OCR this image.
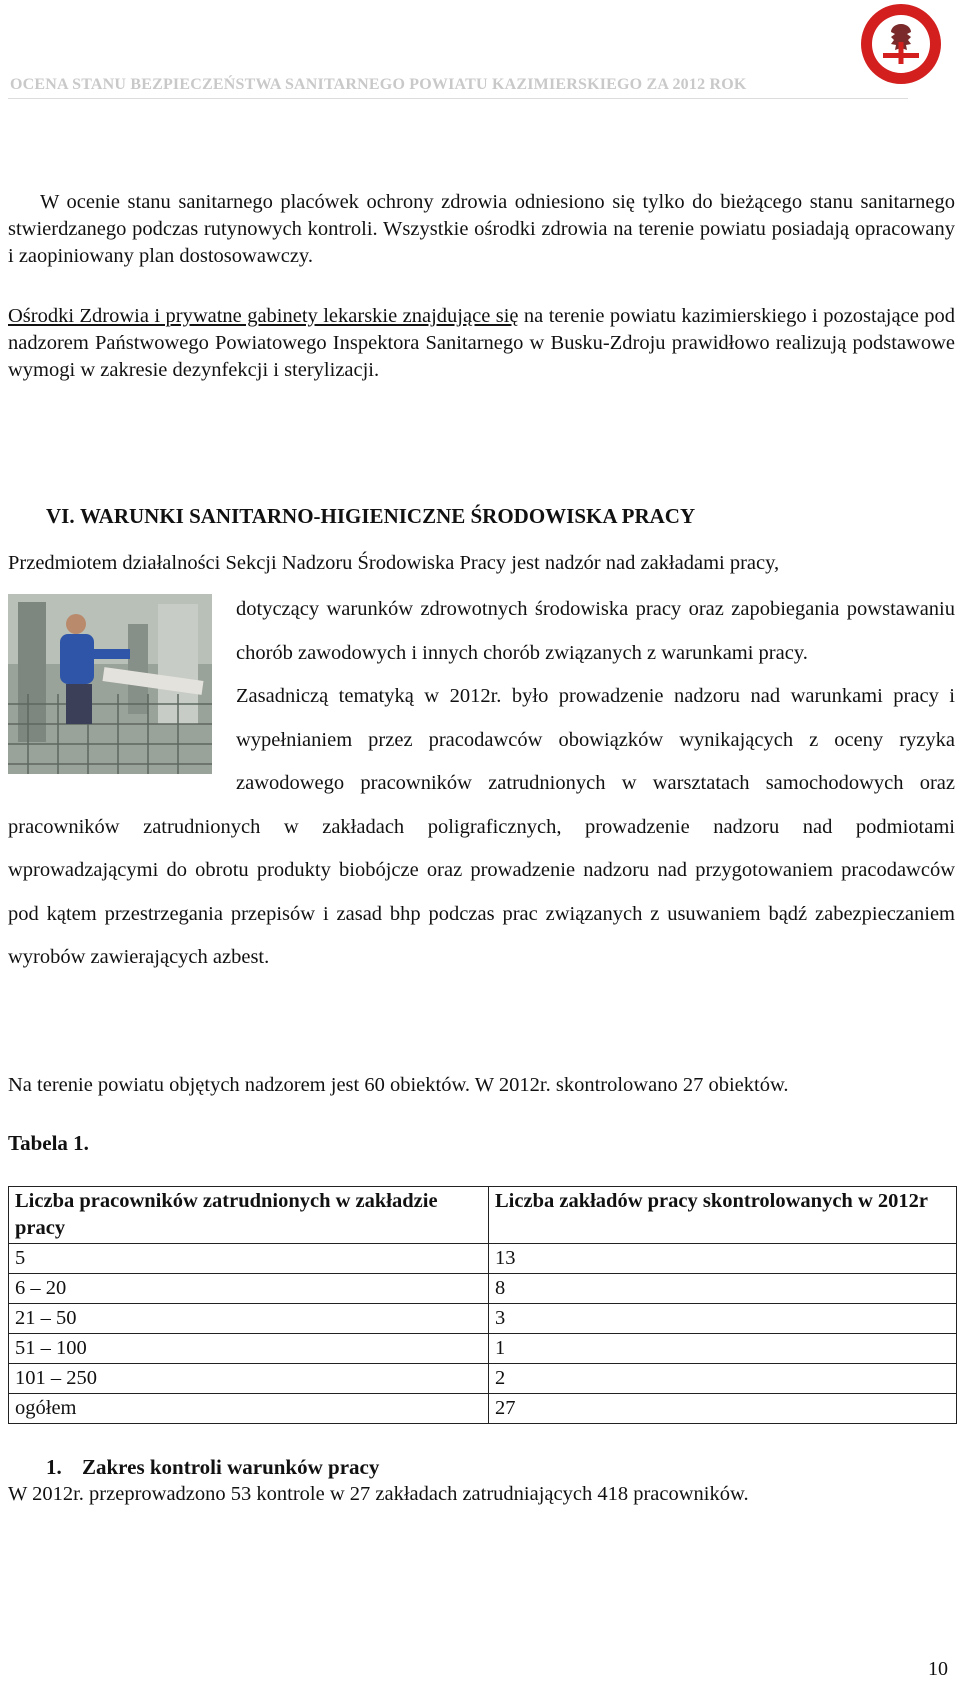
OCENA STANU BEZPIECZEŃSTWA SANITARNEGO POWIATU KAZIMIERSKIEGO ZA 2012 ROK
W ocenie stanu sanitarnego placówek ochrony zdrowia odniesiono się tylko do bieżącego stanu sanitarnego stwierdzanego podczas rutynowych kontroli. Wszystkie ośrodki zdrowia na terenie powiatu posiadają opracowany i zaopiniowany plan dostosowawczy.
Ośrodki Zdrowia i prywatne gabinety lekarskie znajdujące się na terenie powiatu kazimierskiego i pozostające pod nadzorem Państwowego Powiatowego Inspektora Sanitarnego w Busku-Zdroju prawidłowo realizują podstawowe wymogi w zakresie dezynfekcji i sterylizacji.
VI. WARUNKI SANITARNO-HIGIENICZNE ŚRODOWISKA PRACY
Przedmiotem działalności Sekcji Nadzoru Środowiska Pracy jest nadzór nad zakładami pracy,
dotyczący warunków zdrowotnych środowiska pracy oraz zapobiegania powstawaniu chorób zawodowych i innych chorób związanych z warunkami pracy.
Zasadniczą tematyką w 2012r. było prowadzenie nadzoru nad warunkami pracy i wypełnianiem przez pracodawców obowiązków wynikających z oceny ryzyka zawodowego pracowników zatrudnionych w warsztatach samochodowych oraz pracowników zatrudnionych w zakładach poligraficznych, prowadzenie nadzoru nad podmiotami wprowadzającymi do obrotu produkty biobójcze oraz prowadzenie nadzoru nad przygotowaniem pracodawców pod kątem przestrzegania przepisów i zasad bhp podczas prac związanych z usuwaniem bądź zabezpieczaniem wyrobów zawierających azbest.
Na terenie powiatu objętych nadzorem jest 60 obiektów. W 2012r. skontrolowano 27 obiektów.
Tabela 1.
Liczba pracowników zatrudnionych w zakładzie pracy	Liczba zakładów pracy skontrolowanych w 2012r
5	13
6 – 20	8
21 – 50	3
51 – 100	1
101 – 250	2
ogółem	27
1. Zakres kontroli warunków pracy
W 2012r. przeprowadzono 53 kontrole w 27 zakładach zatrudniających 418 pracowników.
10
